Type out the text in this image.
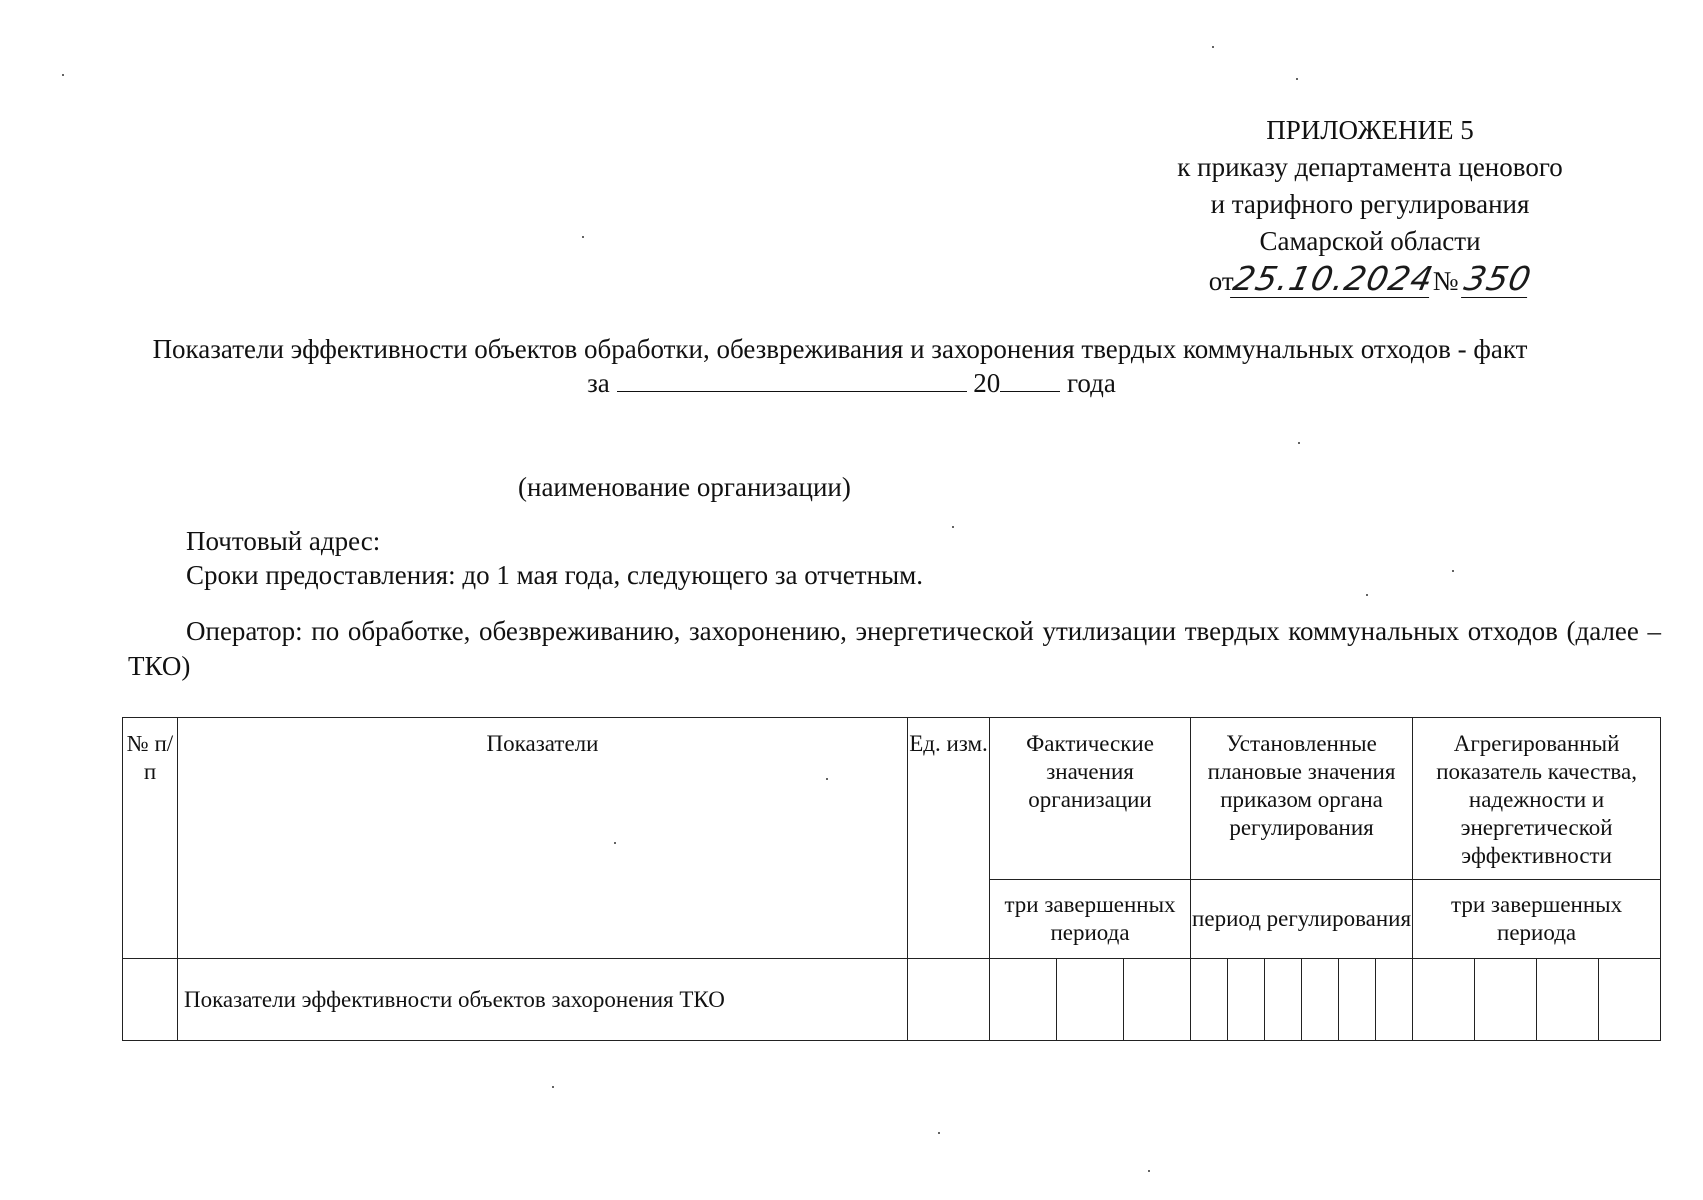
ПРИЛОЖЕНИЕ 5
к приказу департамента ценового
и тарифного регулирования
Самарской области
от25.10.2024№ 350
Показатели эффективности объектов обработки, обезвреживания и захоронения твердых коммунальных отходов - факт
за	20 года
(наименование организации)
Почтовый адрес:
Сроки предоставления: до 1 мая года, следующего за отчетным.
Оператор: по обработке, обезвреживанию, захоронению, энергетической утилизации твердых коммунальных отходов (далее – ТКО)
№ п/п	Показатели	Ед. изм.	Фактические значения организации			Установленные плановые значения приказом органа регулирования						Агрегированный показатель качества, надежности и энергетической эффективности			
			три завершенных периода			период регулирования						три завершенных периода			
	Показатели эффективности объектов захоронения ТКО														
